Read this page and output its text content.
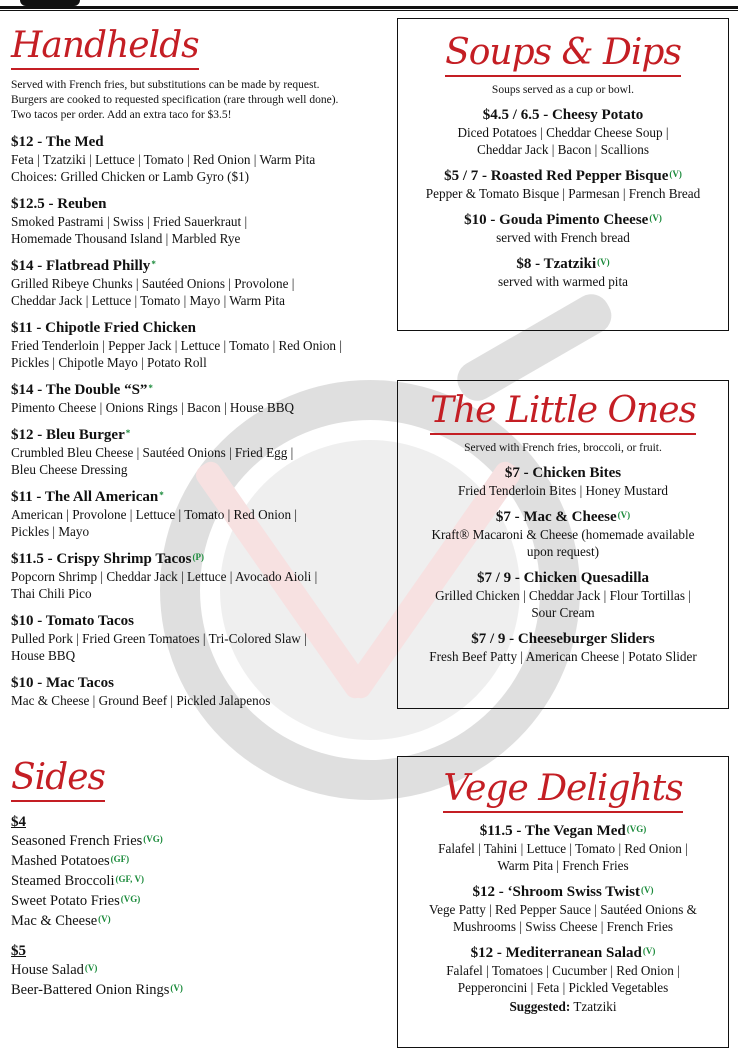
Handhelds
Served with French fries, but substitutions can be made by request.
Burgers are cooked to requested specification (rare through well done).
Two tacos per order. Add an extra taco for $3.5!
$12 - The Med
Feta | Tzatziki | Lettuce | Tomato | Red Onion | Warm Pita
Choices: Grilled Chicken or Lamb Gyro ($1)
$12.5 - Reuben
Smoked Pastrami | Swiss | Fried Sauerkraut |
Homemade Thousand Island | Marbled Rye
$14 - Flatbread Philly*
Grilled Ribeye Chunks | Sautéed Onions | Provolone |
Cheddar Jack | Lettuce | Tomato | Mayo | Warm Pita
$11 - Chipotle Fried Chicken
Fried Tenderloin | Pepper Jack | Lettuce | Tomato | Red Onion |
Pickles | Chipotle Mayo | Potato Roll
$14 - The Double “S”*
Pimento Cheese | Onions Rings | Bacon | House BBQ
$12 - Bleu Burger*
Crumbled Bleu Cheese | Sautéed Onions | Fried Egg |
Bleu Cheese Dressing
$11 - The All American*
American | Provolone | Lettuce | Tomato | Red Onion |
Pickles | Mayo
$11.5 - Crispy Shrimp Tacos$^{(P)}$
Popcorn Shrimp | Cheddar Jack | Lettuce | Avocado Aioli |
Thai Chili Pico
$10 - Tomato Tacos
Pulled Pork | Fried Green Tomatoes | Tri-Colored Slaw |
House BBQ
$10 - Mac Tacos
Mac & Cheese | Ground Beef | Pickled Jalapenos
Soups & Dips
Soups served as a cup or bowl.
$4.5 / 6.5 - Cheesy Potato
Diced Potatoes | Cheddar Cheese Soup |
Cheddar Jack | Bacon | Scallions
$5 / 7 - Roasted Red Pepper Bisque$^{(V)}$
Pepper & Tomato Bisque | Parmesan | French Bread
$10 - Gouda Pimento Cheese$^{(V)}$
served with French bread
$8 - Tzatziki$^{(V)}$
served with warmed pita
The Little Ones
Served with French fries, broccoli, or fruit.
$7 - Chicken Bites
Fried Tenderloin Bites | Honey Mustard
$7 - Mac & Cheese$^{(V)}$
Kraft® Macaroni & Cheese (homemade available
upon request)
$7 / 9 - Chicken Quesadilla
Grilled Chicken | Cheddar Jack | Flour Tortillas |
Sour Cream
$7 / 9 - Cheeseburger Sliders
Fresh Beef Patty | American Cheese | Potato Slider
Sides
$4
Seasoned French Fries$^{(VG)}$
Mashed Potatoes$^{(GF)}$
Steamed Broccoli$^{(GF, V)}$
Sweet Potato Fries$^{(VG)}$
Mac & Cheese$^{(V)}$
$5
House Salad$^{(V)}$
Beer-Battered Onion Rings$^{(V)}$
Vege Delights
$11.5 - The Vegan Med$^{(VG)}$
Falafel | Tahini | Lettuce | Tomato | Red Onion |
Warm Pita | French Fries
$12 - ‘Shroom Swiss Twist$^{(V)}$
Vege Patty | Red Pepper Sauce | Sautéed Onions &
Mushrooms | Swiss Cheese | French Fries
$12 - Mediterranean Salad$^{(V)}$
Falafel | Tomatoes | Cucumber | Red Onion |
Pepperoncini | Feta | Pickled Vegetables
Suggested: Tzatziki
